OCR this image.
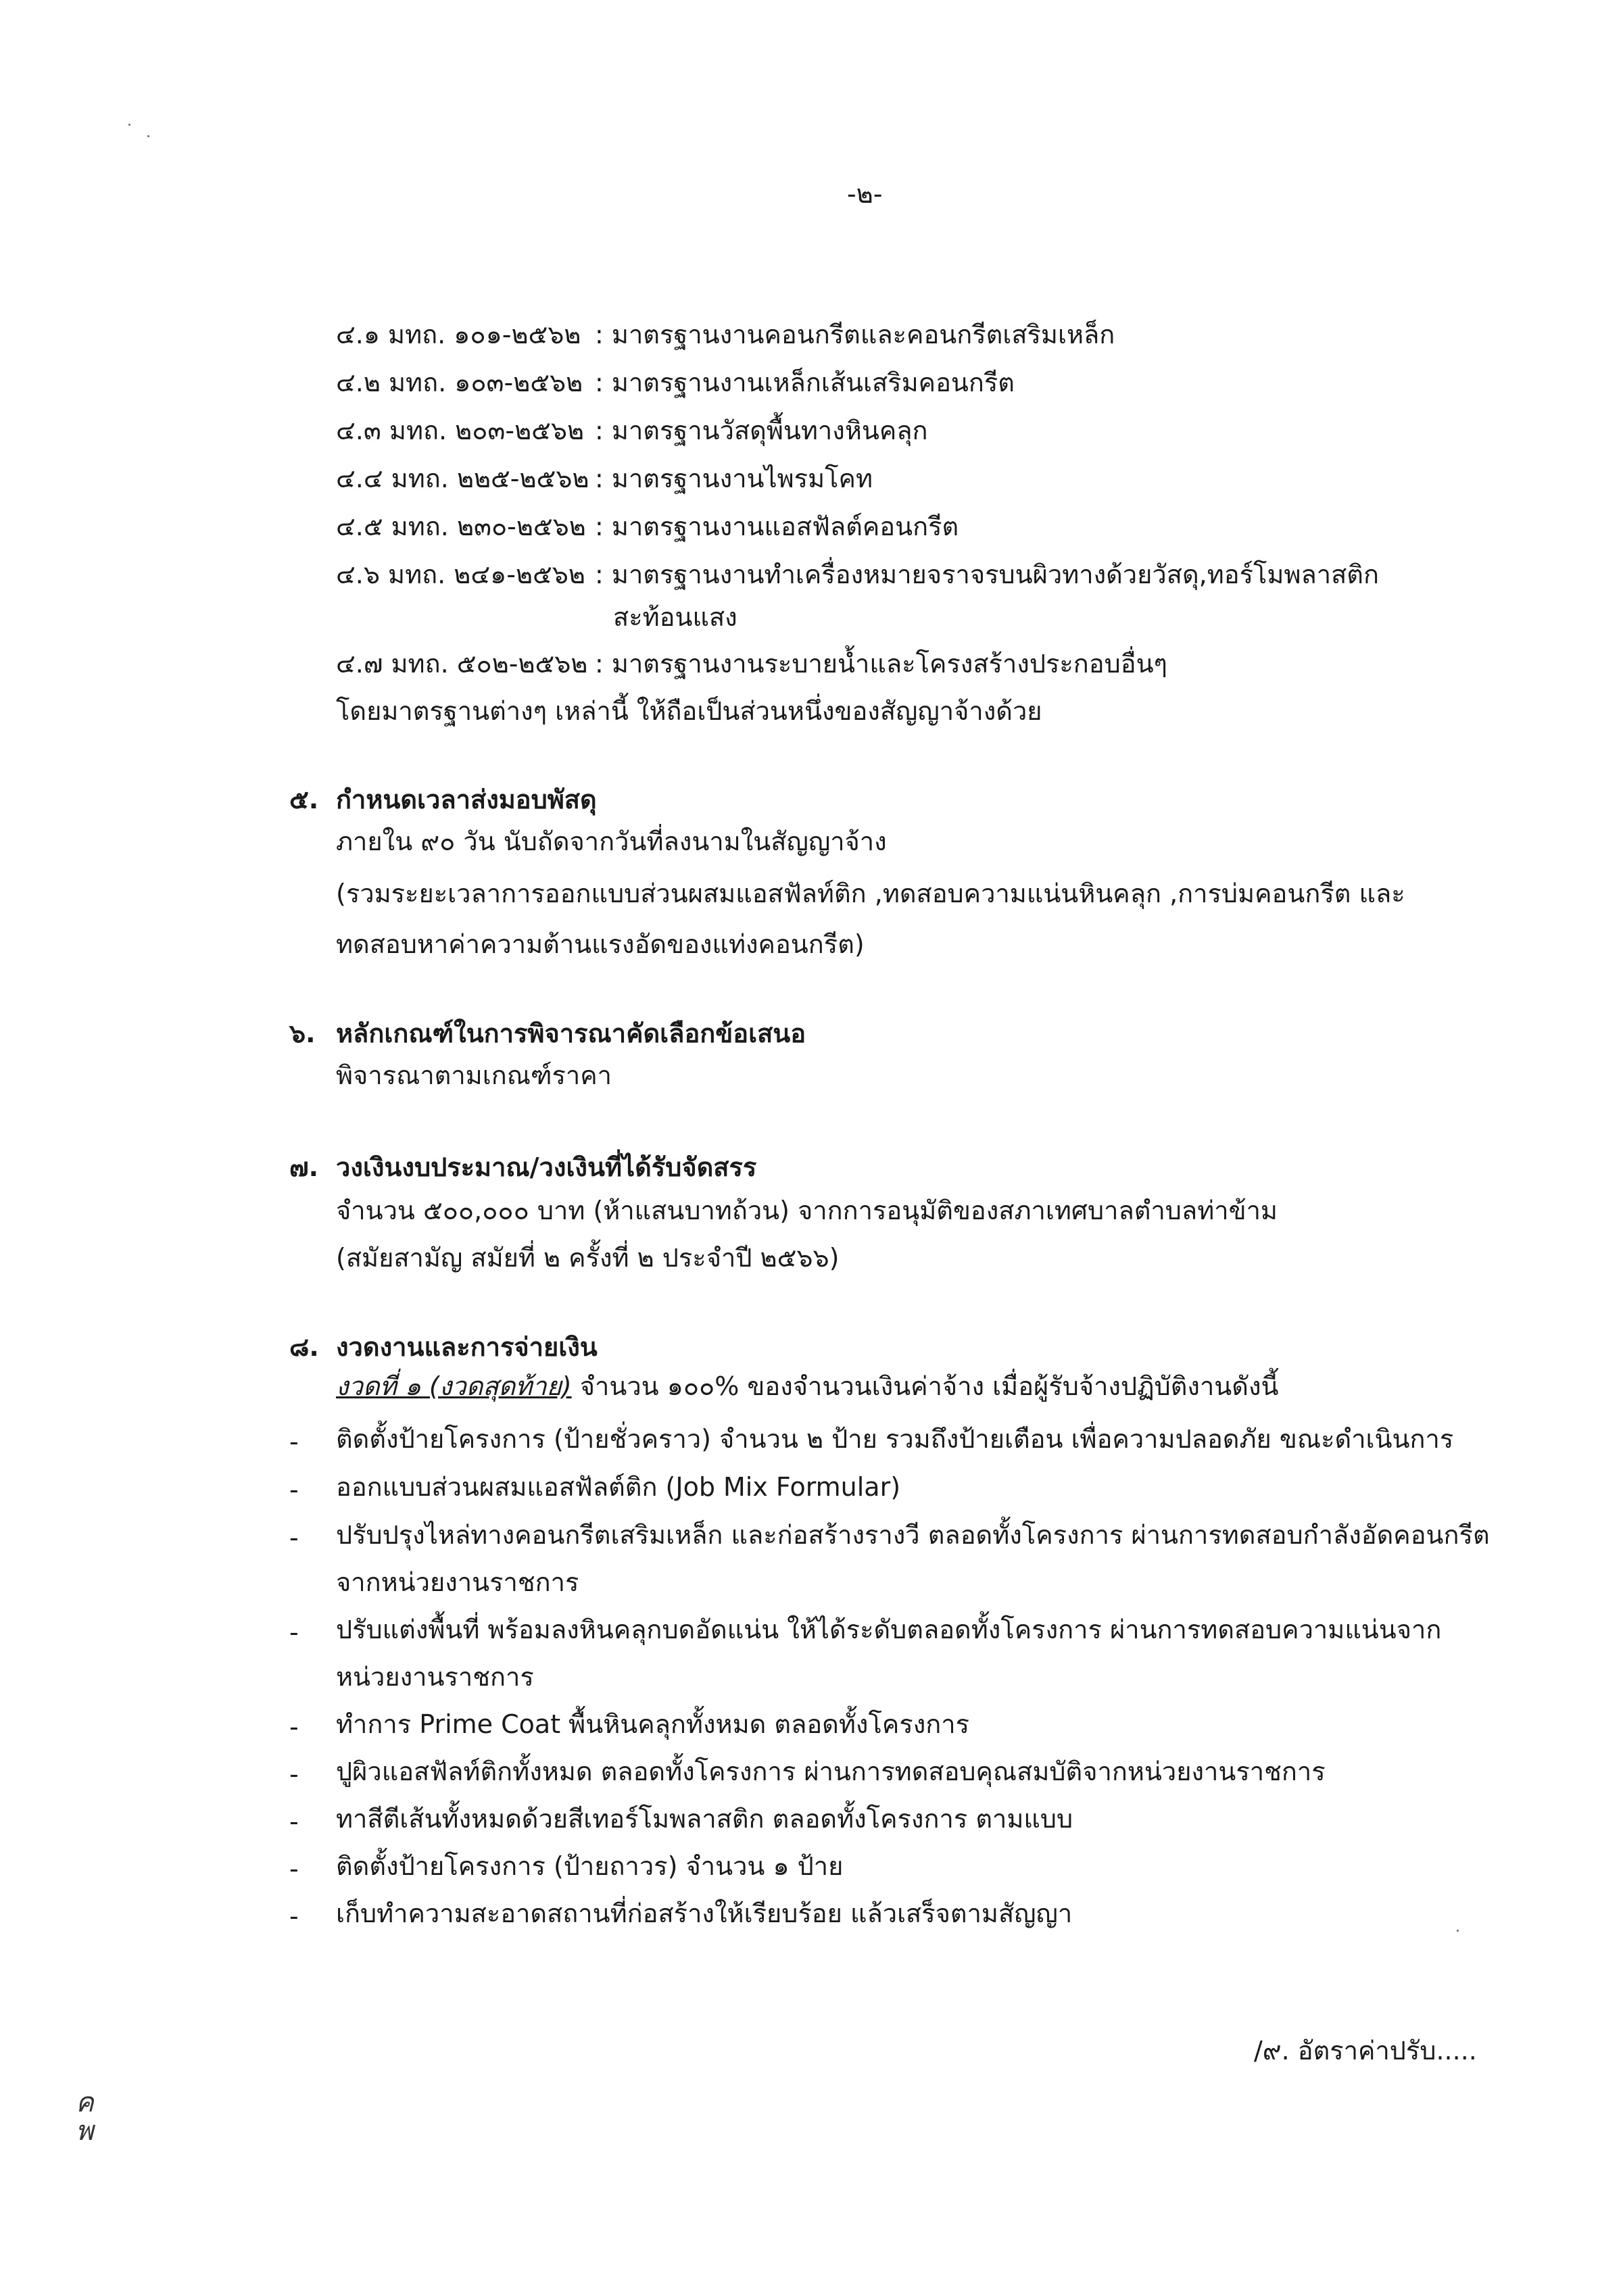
-๒-
๔.๑ มทถ. ๑๐๑-๒๕๖๒ : มาตรฐานงานคอนกรีตและคอนกรีตเสริมเหล็ก
๔.๒ มทถ. ๑๐๓-๒๕๖๒ : มาตรฐานงานเหล็กเส้นเสริมคอนกรีต
๔.๓ มทถ. ๒๐๓-๒๕๖๒ : มาตรฐานวัสดุพื้นทางหินคลุก
๔.๔ มทถ. ๒๒๕-๒๕๖๒ : มาตรฐานงานไพรมโคท
๔.๕ มทถ. ๒๓๐-๒๕๖๒ : มาตรฐานงานแอสฟัลต์คอนกรีต
๔.๖ มทถ. ๒๔๑-๒๕๖๒ : มาตรฐานงานทำเครื่องหมายจราจรบนผิวทางด้วยวัสดุ,ทอร์โมพลาสติก
สะท้อนแสง
๔.๗ มทถ. ๕๐๒-๒๕๖๒ : มาตรฐานงานระบายน้ำและโครงสร้างประกอบอื่นๆ
โดยมาตรฐานต่างๆ เหล่านี้ ให้ถือเป็นส่วนหนึ่งของสัญญาจ้างด้วย
๕. กำหนดเวลาส่งมอบพัสดุ
ภายใน ๙๐ วัน นับถัดจากวันที่ลงนามในสัญญาจ้าง
(รวมระยะเวลาการออกแบบส่วนผสมแอสฟัลท์ติก ,ทดสอบความแน่นหินคลุก ,การบ่มคอนกรีต และ
ทดสอบหาค่าความต้านแรงอัดของแท่งคอนกรีต)
๖. หลักเกณฑ์ในการพิจารณาคัดเลือกข้อเสนอ
พิจารณาตามเกณฑ์ราคา
๗. วงเงินงบประมาณ/วงเงินที่ได้รับจัดสรร
จำนวน ๕๐๐,๐๐๐ บาท (ห้าแสนบาทถ้วน) จากการอนุมัติของสภาเทศบาลตำบลท่าข้าม
(สมัยสามัญ สมัยที่ ๒ ครั้งที่ ๒ ประจำปี ๒๕๖๖)
๘. งวดงานและการจ่ายเงิน
งวดที่ ๑ (งวดสุดท้าย) จำนวน ๑๐๐% ของจำนวนเงินค่าจ้าง เมื่อผู้รับจ้างปฏิบัติงานดังนี้
- ติดตั้งป้ายโครงการ (ป้ายชั่วคราว) จำนวน ๒ ป้าย รวมถึงป้ายเตือน เพื่อความปลอดภัย ขณะดำเนินการ
- ออกแบบส่วนผสมแอสฟัลต์ติก (Job Mix Formular)
- ปรับปรุงไหล่ทางคอนกรีตเสริมเหล็ก และก่อสร้างรางวี ตลอดทั้งโครงการ ผ่านการทดสอบกำลังอัดคอนกรีต
จากหน่วยงานราชการ
- ปรับแต่งพื้นที่ พร้อมลงหินคลุกบดอัดแน่น ให้ได้ระดับตลอดทั้งโครงการ ผ่านการทดสอบความแน่นจาก
หน่วยงานราชการ
- ทำการ Prime Coat พื้นหินคลุกทั้งหมด ตลอดทั้งโครงการ
- ปูผิวแอสฟัลท์ติกทั้งหมด ตลอดทั้งโครงการ ผ่านการทดสอบคุณสมบัติจากหน่วยงานราชการ
- ทาสีตีเส้นทั้งหมดด้วยสีเทอร์โมพลาสติก ตลอดทั้งโครงการ ตามแบบ
- ติดตั้งป้ายโครงการ (ป้ายถาวร) จำนวน ๑ ป้าย
- เก็บทำความสะอาดสถานที่ก่อสร้างให้เรียบร้อย แล้วเสร็จตามสัญญา
/๙. อัตราค่าปรับ.....
ค
พ
